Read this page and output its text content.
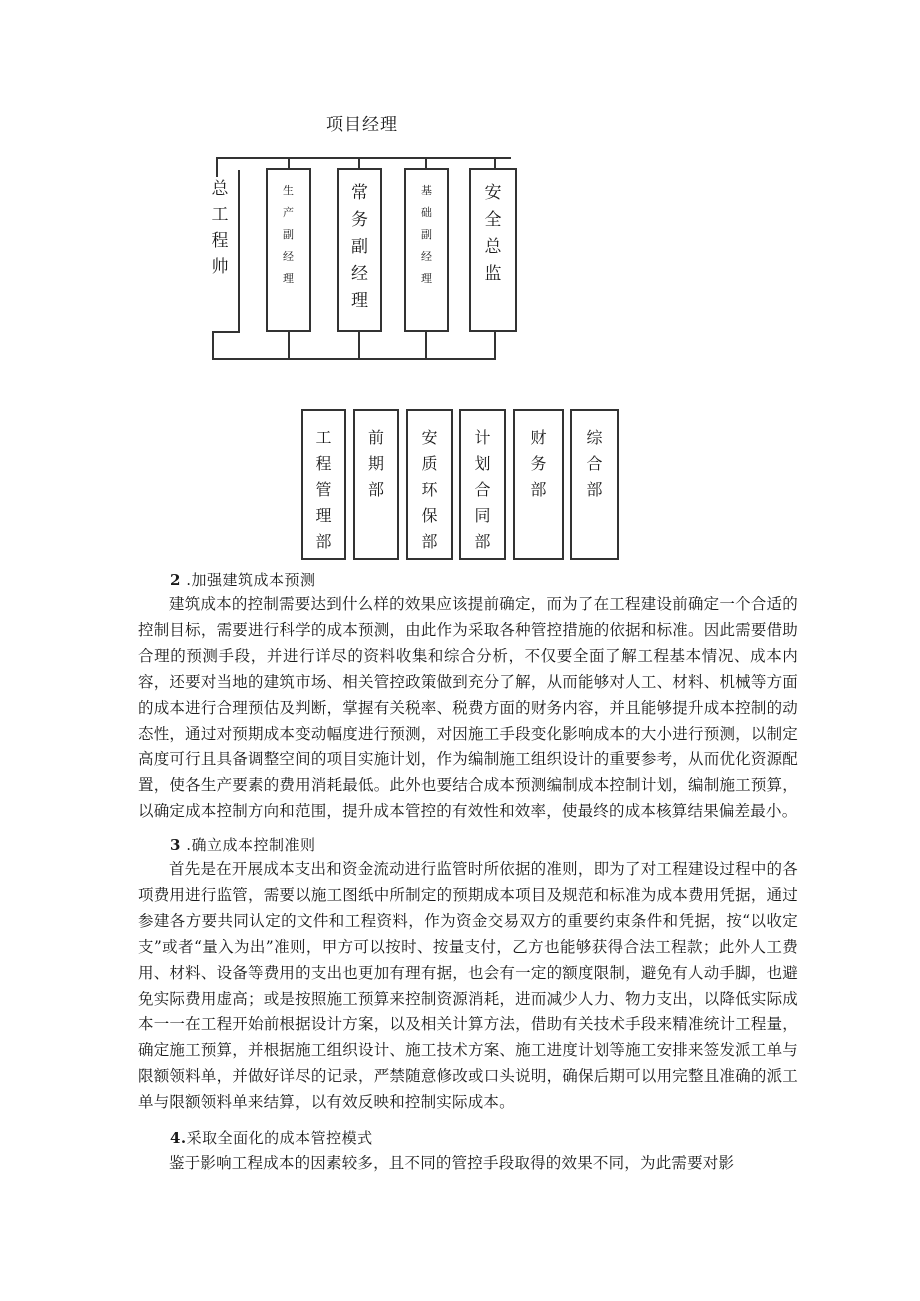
项目经理
总
工
程
帅
生
产
副
经
理
常
务
副
经
理
基
础
副
经
理
安
全
总
监
工
程
管
理
部
前
期
部
安
质
环
保
部
计
划
合
同
部
财
务
部
综
合
部
2 .加强建筑成本预测
建筑成本的控制需要达到什么样的效果应该提前确定，而为了在工程建设前确定一个合适的控制目标，需要进行科学的成本预测，由此作为采取各种管控措施的依据和标准。因此需要借助合理的预测手段，并进行详尽的资料收集和综合分析，不仅要全面了解工程基本情况、成本内容，还要对当地的建筑市场、相关管控政策做到充分了解，从而能够对人工、材料、机械等方面的成本进行合理预估及判断，掌握有关税率、税费方面的财务内容，并且能够提升成本控制的动态性，通过对预期成本变动幅度进行预测，对因施工手段变化影响成本的大小进行预测，以制定高度可行且具备调整空间的项目实施计划，作为编制施工组织设计的重要参考，从而优化资源配置，使各生产要素的费用消耗最低。此外也要结合成本预测编制成本控制计划，编制施工预算，以确定成本控制方向和范围，提升成本管控的有效性和效率，使最终的成本核算结果偏差最小。
3 .确立成本控制准则
首先是在开展成本支出和资金流动进行监管时所依据的准则，即为了对工程建设过程中的各项费用进行监管，需要以施工图纸中所制定的预期成本项目及规范和标准为成本费用凭据，通过参建各方要共同认定的文件和工程资料，作为资金交易双方的重要约束条件和凭据，按“以收定支”或者“量入为出”准则，甲方可以按时、按量支付，乙方也能够获得合法工程款；此外人工费用、材料、设备等费用的支出也更加有理有据，也会有一定的额度限制，避免有人动手脚，也避免实际费用虚高；或是按照施工预算来控制资源消耗，进而减少人力、物力支出，以降低实际成本一一在工程开始前根据设计方案，以及相关计算方法，借助有关技术手段来精准统计工程量，确定施工预算，并根据施工组织设计、施工技术方案、施工进度计划等施工安排来签发派工单与限额领料单，并做好详尽的记录，严禁随意修改或口头说明，确保后期可以用完整且准确的派工单与限额领料单来结算，以有效反映和控制实际成本。
4.采取全面化的成本管控模式
鉴于影响工程成本的因素较多，且不同的管控手段取得的效果不同，为此需要对影
